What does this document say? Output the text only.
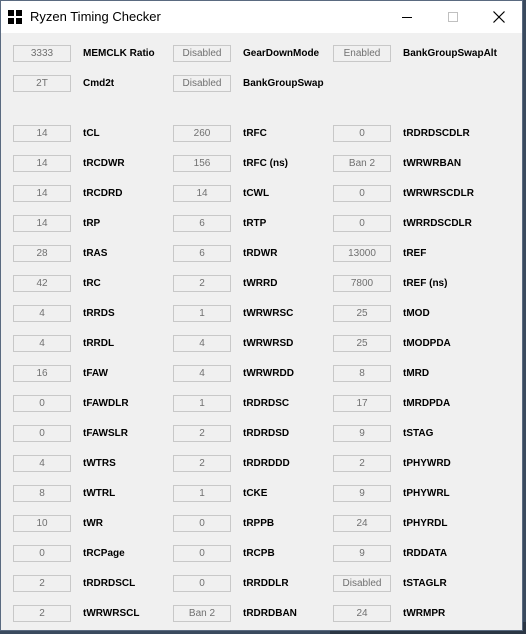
Ryzen Timing Checker
3333	MEMCLK Ratio	Disabled	GearDownMode	Enabled	BankGroupSwapAlt
2T	Cmd2t	Disabled	BankGroupSwap
14	tCL	260	tRFC	0	tRDRDSCDLR
14	tRCDWR	156	tRFC (ns)	Ban 2	tWRWRBAN
14	tRCDRD	14	tCWL	0	tWRWRSCDLR
14	tRP	6	tRTP	0	tWRRDSCDLR
28	tRAS	6	tRDWR	13000	tREF
42	tRC	2	tWRRD	7800	tREF (ns)
4	tRRDS	1	tWRWRSC	25	tMOD
4	tRRDL	4	tWRWRSD	25	tMODPDA
16	tFAW	4	tWRWRDD	8	tMRD
0	tFAWDLR	1	tRDRDSC	17	tMRDPDA
0	tFAWSLR	2	tRDRDSD	9	tSTAG
4	tWTRS	2	tRDRDDD	2	tPHYWRD
8	tWTRL	1	tCKE	9	tPHYWRL
10	tWR	0	tRPPB	24	tPHYRDL
0	tRCPage	0	tRCPB	9	tRDDATA
2	tRDRDSCL	0	tRRDDLR	Disabled	tSTAGLR
2	tWRWRSCL	Ban 2	tRDRDBAN	24	tWRMPR
